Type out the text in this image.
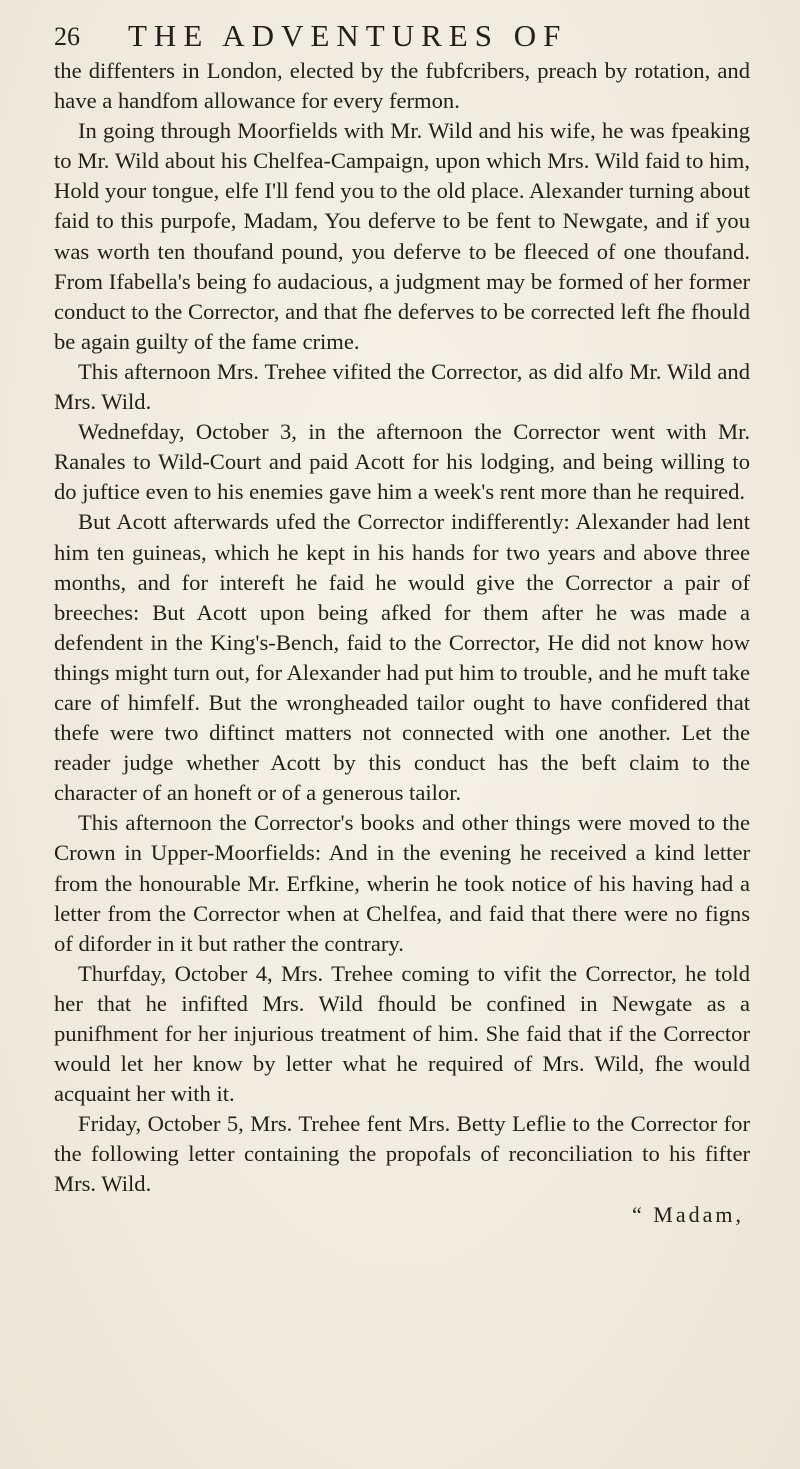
26 THE ADVENTURES OF

the diffenters in London, elected by the fubfcribers, preach by rotation, and have a handfom allowance for every fermon.

In going through Moorfields with Mr. Wild and his wife, he was fpeaking to Mr. Wild about his Chelfea-Campaign, upon which Mrs. Wild faid to him, Hold your tongue, elfe I'll fend you to the old place. Alexander turning about faid to this purpofe, Madam, You deferve to be fent to Newgate, and if you was worth ten thoufand pound, you deferve to be fleeced of one thoufand. From Ifabella's being fo audacious, a judgment may be formed of her former conduct to the Corrector, and that fhe deferves to be corrected left fhe fhould be again guilty of the fame crime.

This afternoon Mrs. Trehee vifited the Corrector, as did alfo Mr. Wild and Mrs. Wild.

Wednefday, October 3, in the afternoon the Corrector went with Mr. Ranales to Wild-Court and paid Acott for his lodging, and being willing to do juftice even to his enemies gave him a week's rent more than he required.

But Acott afterwards ufed the Corrector indifferently: Alexander had lent him ten guineas, which he kept in his hands for two years and above three months, and for intereft he faid he would give the Corrector a pair of breeches: But Acott upon being afked for them after he was made a defendent in the King's-Bench, faid to the Corrector, He did not know how things might turn out, for Alexander had put him to trouble, and he muft take care of himfelf. But the wrongheaded tailor ought to have confidered that thefe were two diftinct matters not connected with one another. Let the reader judge whether Acott by this conduct has the beft claim to the character of an honeft or of a generous tailor.

This afternoon the Corrector's books and other things were moved to the Crown in Upper-Moorfields: And in the evening he received a kind letter from the honourable Mr. Erfkine, wherin he took notice of his having had a letter from the Corrector when at Chelfea, and faid that there were no figns of diforder in it but rather the contrary.

Thurfday, October 4, Mrs. Trehee coming to vifit the Corrector, he told her that he infifted Mrs. Wild fhould be confined in Newgate as a punifhment for her injurious treatment of him. She faid that if the Corrector would let her know by letter what he required of Mrs. Wild, fhe would acquaint her with it.

Friday, October 5, Mrs. Trehee fent Mrs. Betty Leflie to the Corrector for the following letter containing the propofals of reconciliation to his fifter Mrs. Wild.

“ Madam,
